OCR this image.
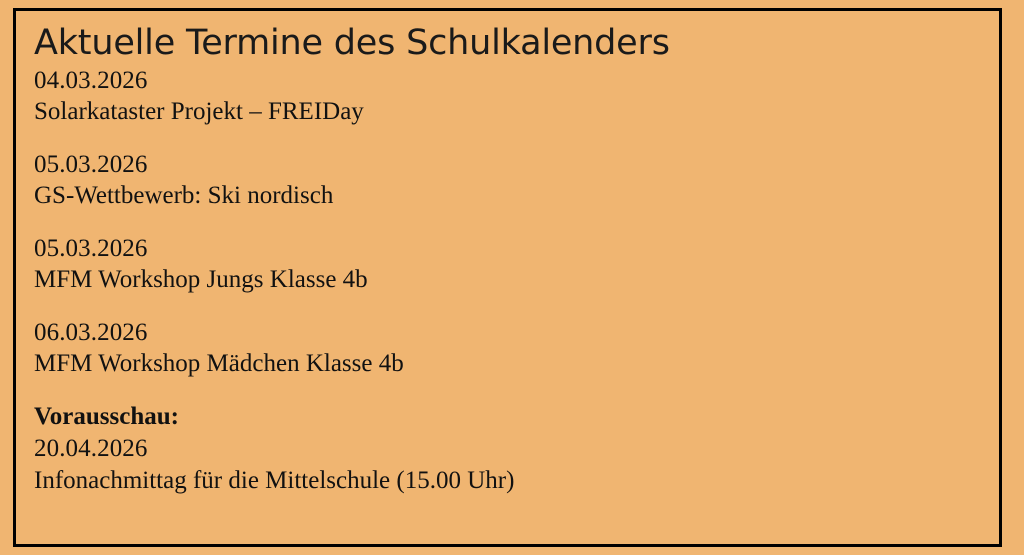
Aktuelle Termine des Schulkalenders
04.03.2026
Solarkataster Projekt – FREIDay
05.03.2026
GS-Wettbewerb: Ski nordisch
05.03.2026
MFM Workshop Jungs Klasse 4b
06.03.2026
MFM Workshop Mädchen Klasse 4b
Vorausschau:
20.04.2026
Infonachmittag für die Mittelschule (15.00 Uhr)
